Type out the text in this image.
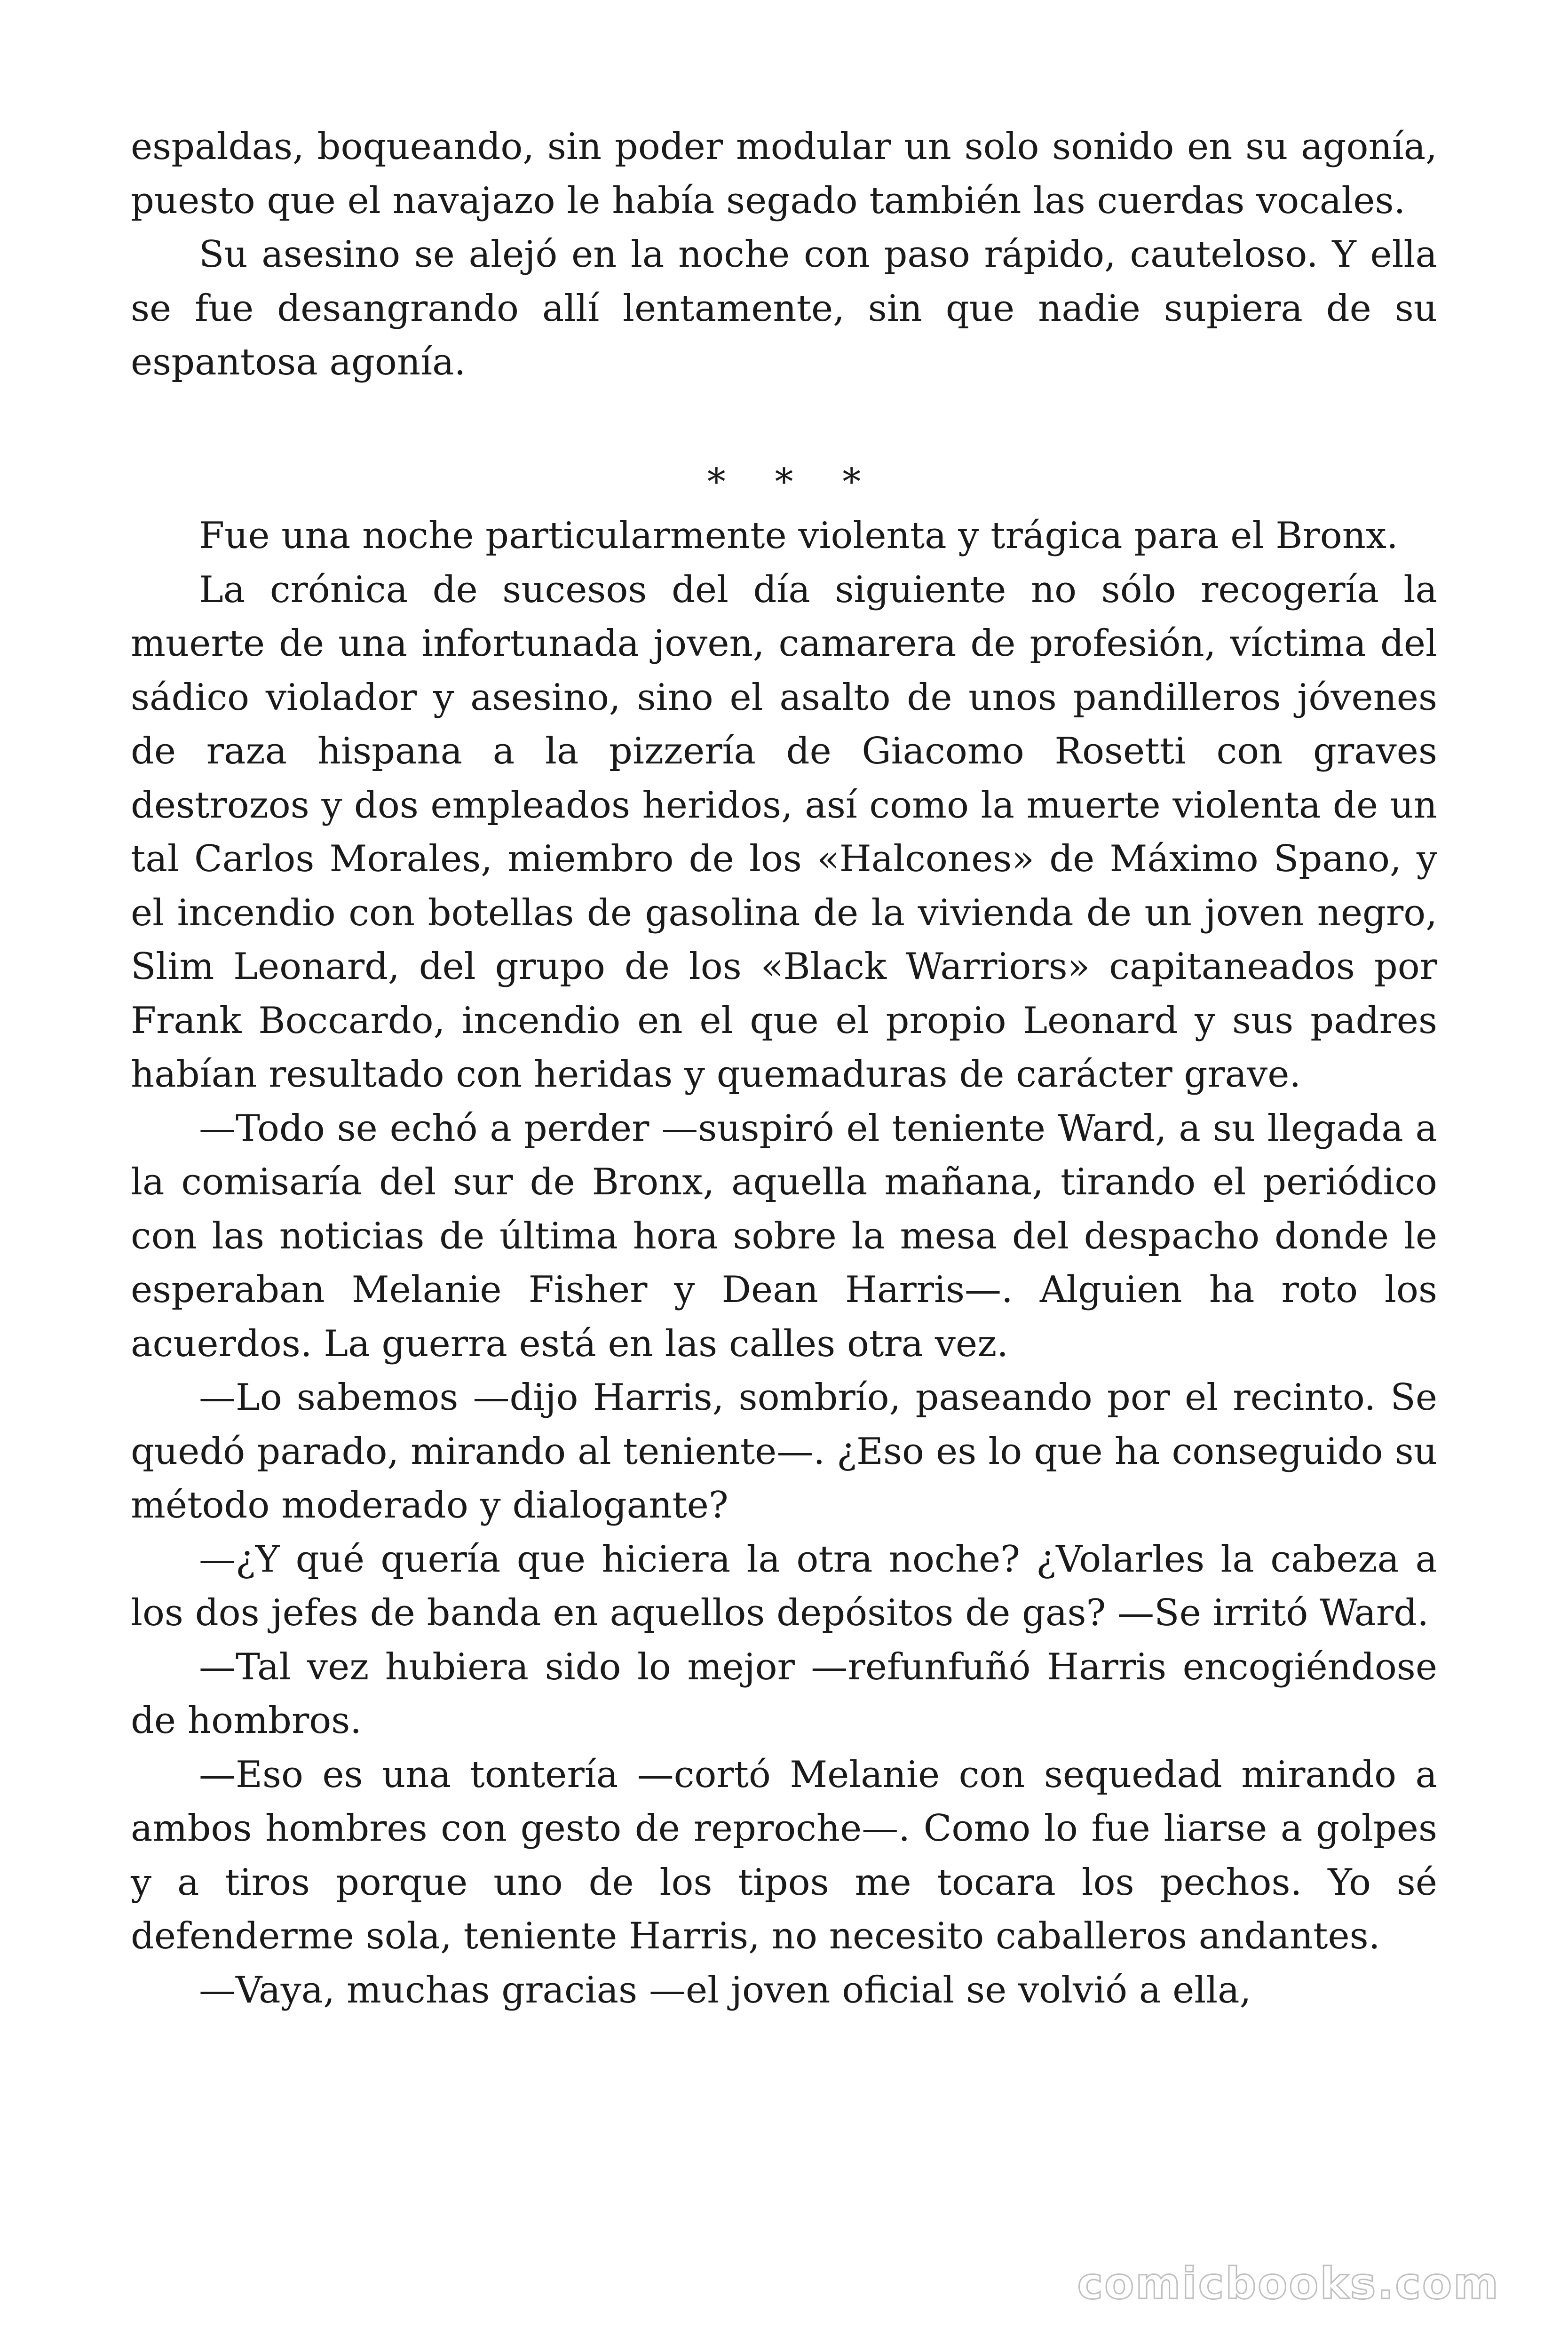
espaldas, boqueando, sin poder modular un solo sonido en su agonía, puesto que el navajazo le había segado también las cuerdas vocales.

Su asesino se alejó en la noche con paso rápido, cauteloso. Y ella se fue desangrando allí lentamente, sin que nadie supiera de su espantosa agonía.

* * *

Fue una noche particularmente violenta y trágica para el Bronx.

La crónica de sucesos del día siguiente no sólo recogería la muerte de una infortunada joven, camarera de profesión, víctima del sádico violador y asesino, sino el asalto de unos pandilleros jóvenes de raza hispana a la pizzería de Giacomo Rosetti con graves destrozos y dos empleados heridos, así como la muerte violenta de un tal Carlos Morales, miembro de los «Halcones» de Máximo Spano, y el incendio con botellas de gasolina de la vivienda de un joven negro, Slim Leonard, del grupo de los «Black Warriors» capitaneados por Frank Boccardo, incendio en el que el propio Leonard y sus padres habían resultado con heridas y quemaduras de carácter grave.

—Todo se echó a perder —suspiró el teniente Ward, a su llegada a la comisaría del sur de Bronx, aquella mañana, tirando el periódico con las noticias de última hora sobre la mesa del despacho donde le esperaban Melanie Fisher y Dean Harris—. Alguien ha roto los acuerdos. La guerra está en las calles otra vez.

—Lo sabemos —dijo Harris, sombrío, paseando por el recinto. Se quedó parado, mirando al teniente—. ¿Eso es lo que ha conseguido su método moderado y dialogante?

—¿Y qué quería que hiciera la otra noche? ¿Volarles la cabeza a los dos jefes de banda en aquellos depósitos de gas? —Se irritó Ward.

—Tal vez hubiera sido lo mejor —refunfuñó Harris encogiéndose de hombros.

—Eso es una tontería —cortó Melanie con sequedad mirando a ambos hombres con gesto de reproche—. Como lo fue liarse a golpes y a tiros porque uno de los tipos me tocara los pechos. Yo sé defenderme sola, teniente Harris, no necesito caballeros andantes.

—Vaya, muchas gracias —el joven oficial se volvió a ella,

comicbooks.com
